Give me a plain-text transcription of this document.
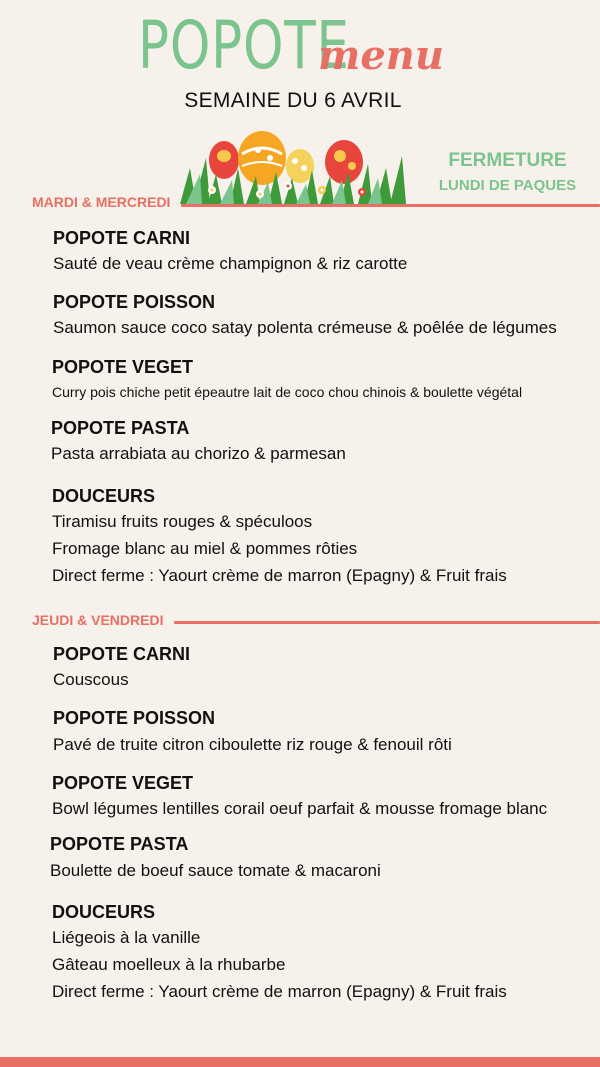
POPOTE
menu
SEMAINE DU 6 AVRIL
FERMETURE
LUNDI DE PAQUES
MARDI & MERCREDI
POPOTE CARNI
Sauté de veau crème champignon & riz carotte
POPOTE POISSON
Saumon sauce coco satay polenta crémeuse & poêlée de légumes
POPOTE VEGET
Curry pois chiche petit épeautre lait de coco chou chinois & boulette végétal
POPOTE PASTA
Pasta arrabiata au chorizo & parmesan
DOUCEURS
Tiramisu fruits rouges & spéculoos
Fromage blanc au miel & pommes rôties
Direct ferme : Yaourt crème de marron (Epagny) & Fruit frais
JEUDI & VENDREDI
POPOTE CARNI
Couscous
POPOTE POISSON
Pavé de truite citron ciboulette riz rouge & fenouil rôti
POPOTE VEGET
Bowl légumes lentilles corail oeuf parfait & mousse fromage blanc
POPOTE PASTA
Boulette de boeuf sauce tomate & macaroni
DOUCEURS
Liégeois à la vanille
Gâteau moelleux à la rhubarbe
Direct ferme : Yaourt crème de marron (Epagny) & Fruit frais
